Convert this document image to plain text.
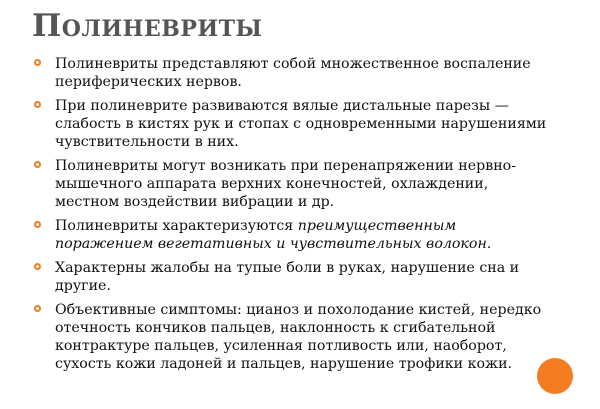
Полиневриты

Полиневриты представляют собой множественное воспаление периферических нервов.

При полиневрите развиваются вялые дистальные парезы — слабость в кистях рук и стопах с одновременными нарушениями чувствительности в них.

Полиневриты могут возникать при перенапряжении нервно-мышечного аппарата верхних конечностей, охлаждении, местном воздействии вибрации и др.

Полиневриты характеризуются преимущественным поражением вегетативных и чувствительных волокон.

Характерны жалобы на тупые боли в руках, нарушение сна и другие.

Объективные симптомы: цианоз и похолодание кистей, нередко отечность кончиков пальцев, наклонность к сгибательной контрактуре пальцев, усиленная потливость или, наоборот, сухость кожи ладоней и пальцев, нарушение трофики кожи.
